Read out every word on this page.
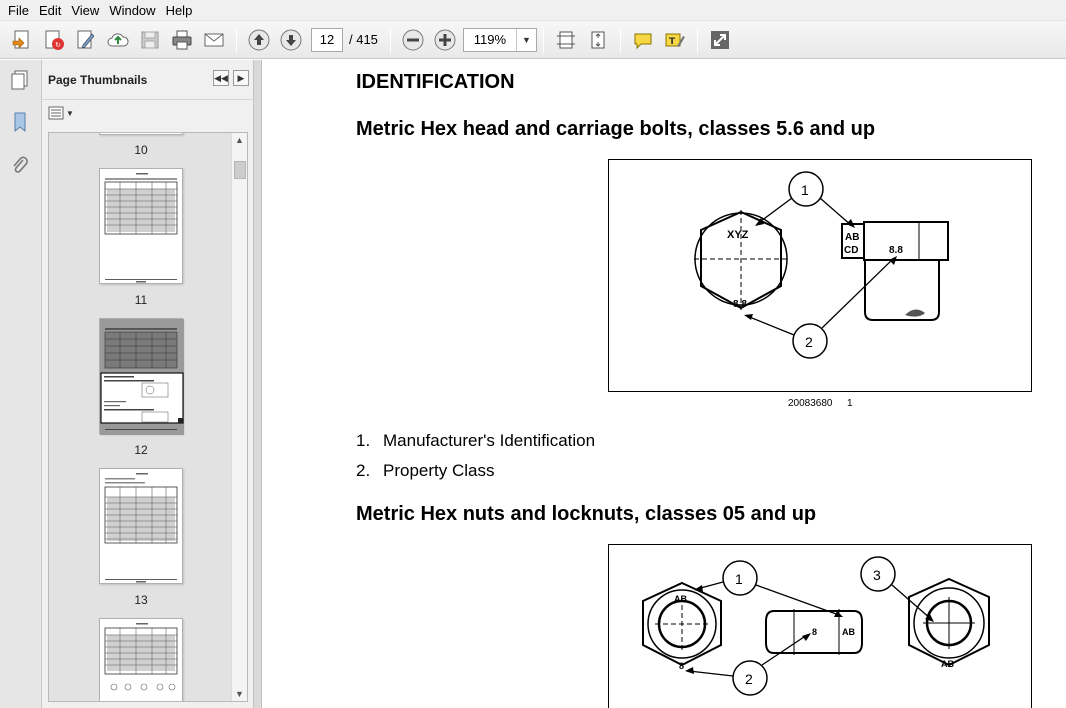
File Edit View Window Help
↻	12	/ 415	119%	▼	T
Page Thumbnails	◀◀	▶
▼
10
11
12
13
▲
▼
IDENTIFICATION
Metric Hex head and carriage bolts, classes 5.6 and up
XYZ
8.8
AB
CD	8.8
1
2
20083680 1
1. Manufacturer's Identification
2. Property Class
Metric Hex nuts and locknuts, classes 05 and up
AB
8
8	AB
AB
1
2
3
